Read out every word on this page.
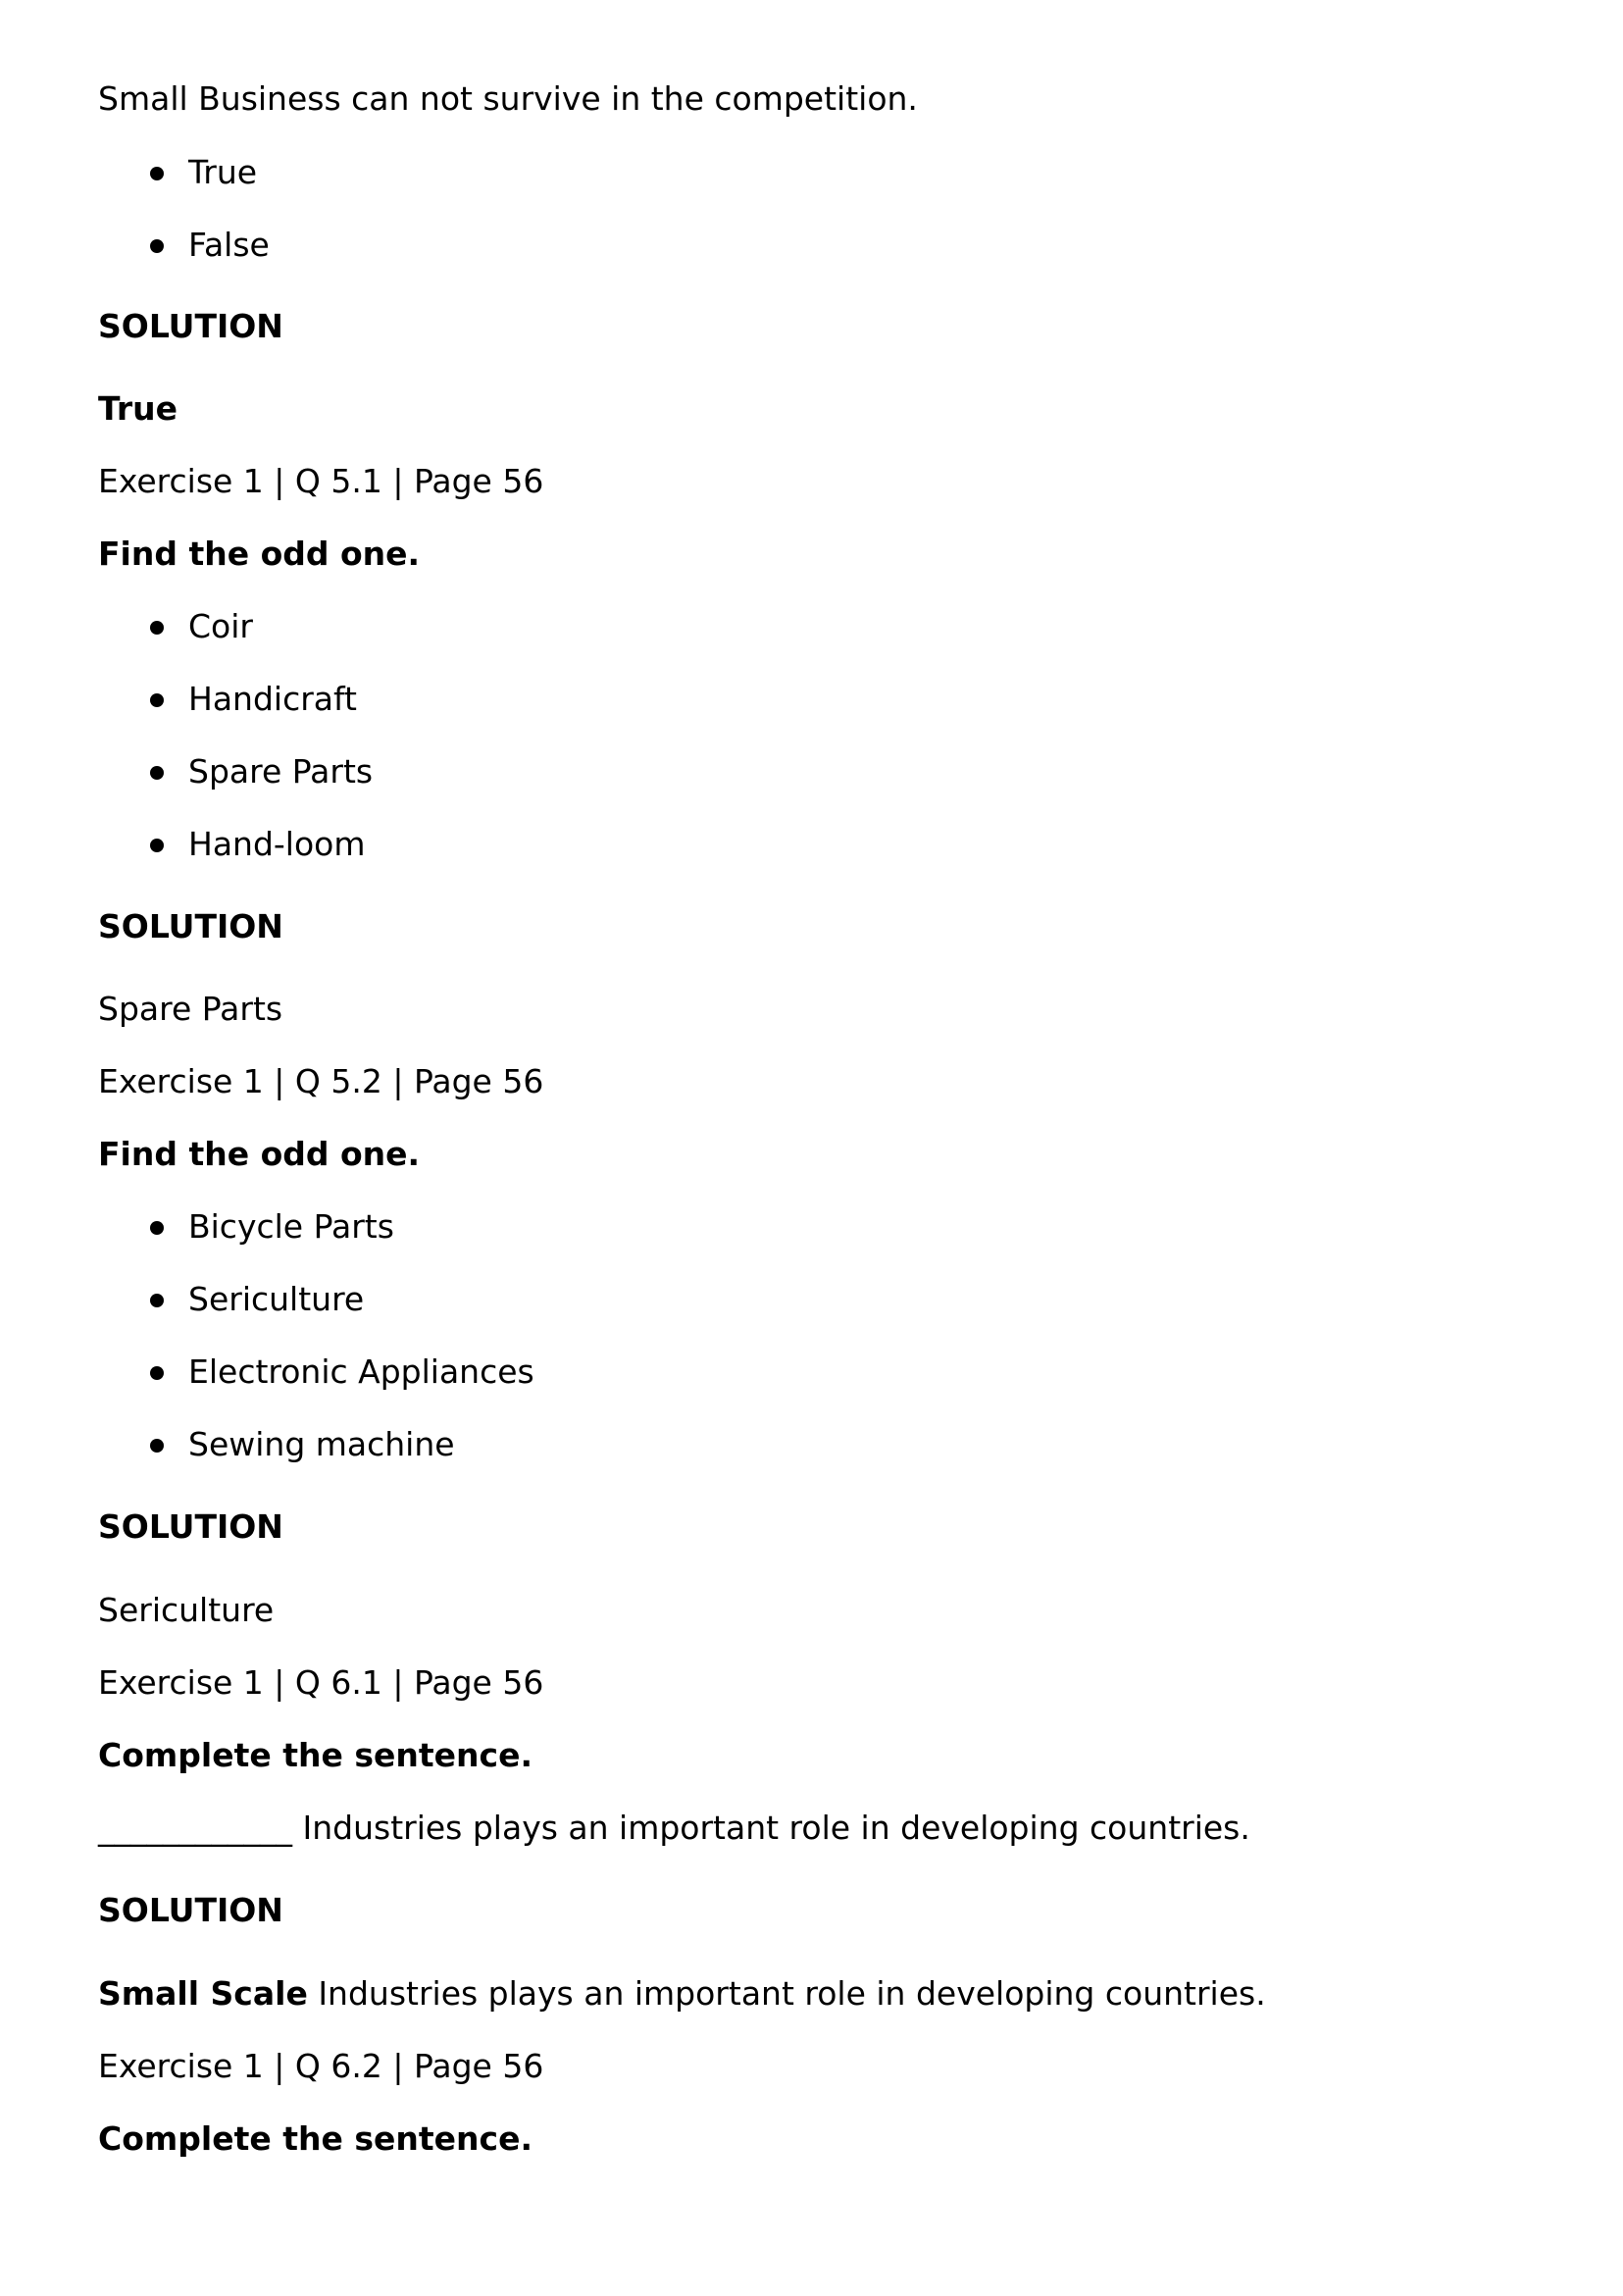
Small Business can not survive in the competition.
True
False
SOLUTION
True
Exercise 1 | Q 5.1 | Page 56
Find the odd one.
Coir
Handicraft
Spare Parts
Hand-loom
SOLUTION
Spare Parts
Exercise 1 | Q 5.2 | Page 56
Find the odd one.
Bicycle Parts
Sericulture
Electronic Appliances
Sewing machine
SOLUTION
Sericulture
Exercise 1 | Q 6.1 | Page 56
Complete the sentence.
____________ Industries plays an important role in developing countries.
SOLUTION
Small Scale Industries plays an important role in developing countries.
Exercise 1 | Q 6.2 | Page 56
Complete the sentence.
